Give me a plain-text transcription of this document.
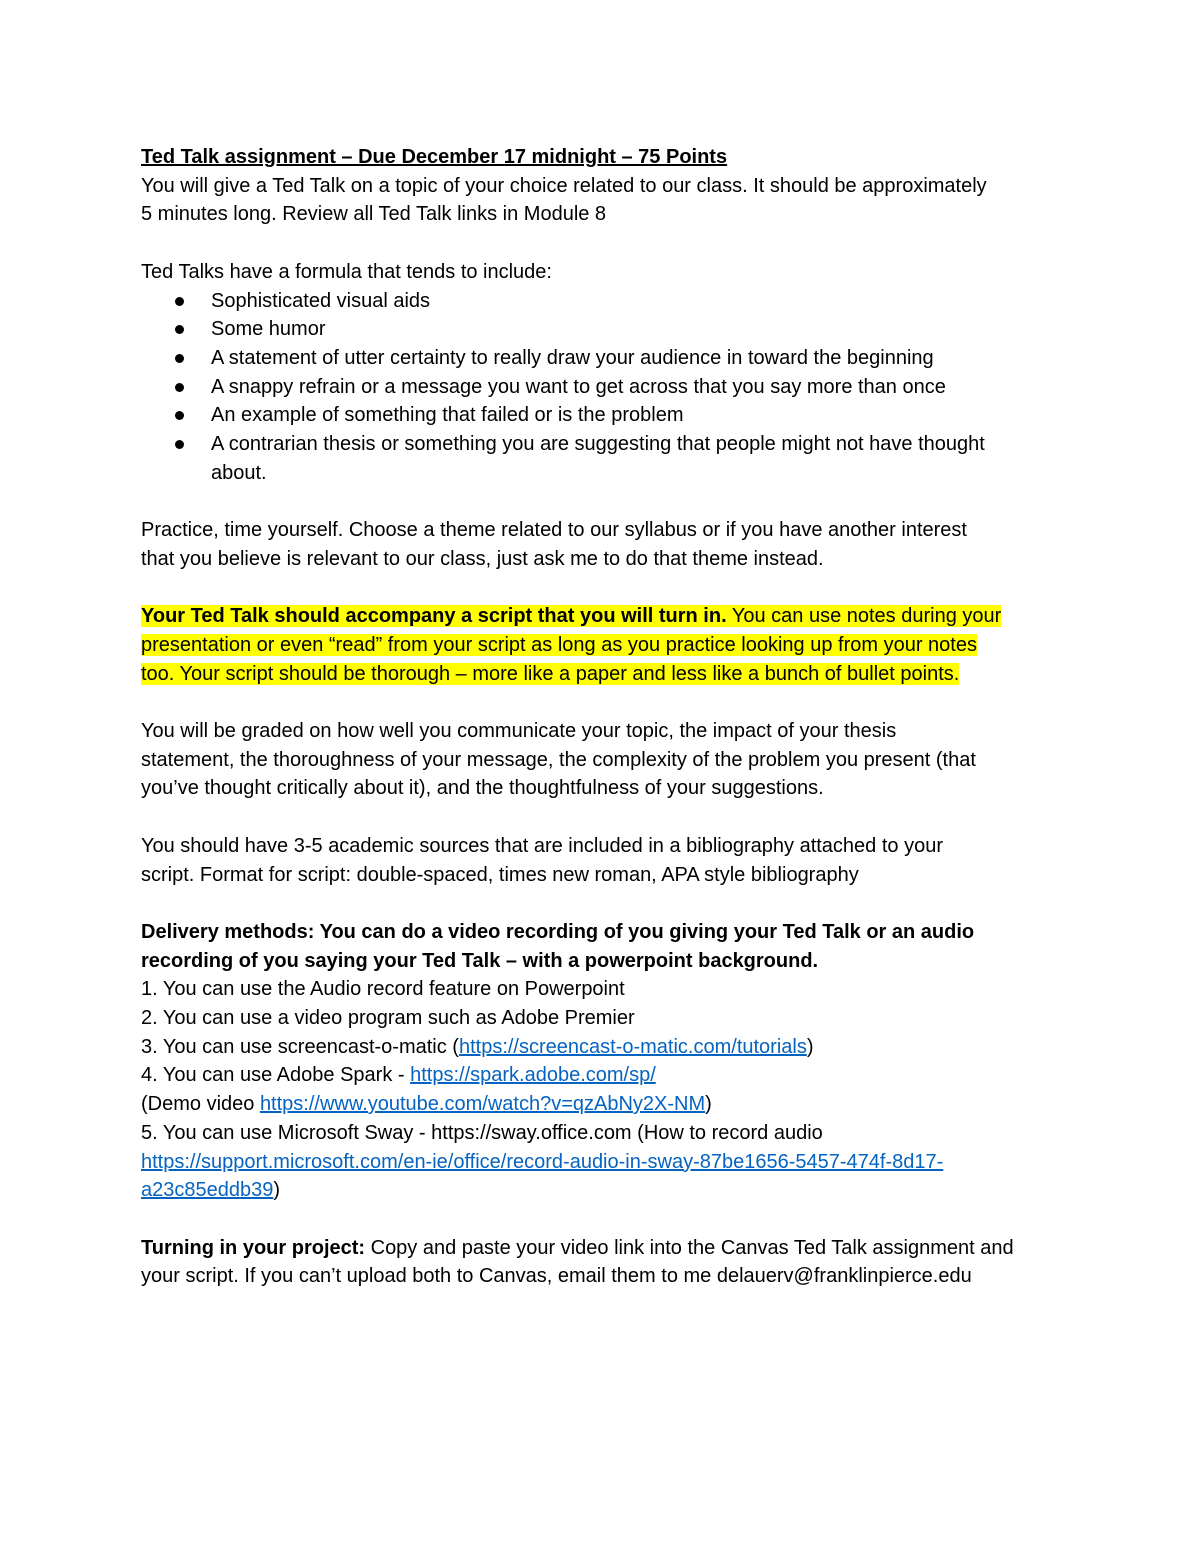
Ted Talk assignment – Due December 17 midnight – 75 Points

You will give a Ted Talk on a topic of your choice related to our class. It should be approximately

5 minutes long. Review all Ted Talk links in Module 8

Ted Talks have a formula that tends to include:

Sophisticated visual aids
Some humor
A statement of utter certainty to really draw your audience in toward the beginning
A snappy refrain or a message you want to get across that you say more than once
An example of something that failed or is the problem
A contrarian thesis or something you are suggesting that people might not have thought
about.

Practice, time yourself. Choose a theme related to our syllabus or if you have another interest

that you believe is relevant to our class, just ask me to do that theme instead.

Your Ted Talk should accompany a script that you will turn in. You can use notes during your

presentation or even “read” from your script as long as you practice looking up from your notes

too. Your script should be thorough – more like a paper and less like a bunch of bullet points.

You will be graded on how well you communicate your topic, the impact of your thesis

statement, the thoroughness of your message, the complexity of the problem you present (that

you’ve thought critically about it), and the thoughtfulness of your suggestions.

You should have 3-5 academic sources that are included in a bibliography attached to your

script. Format for script: double-spaced, times new roman, APA style bibliography

Delivery methods: You can do a video recording of you giving your Ted Talk or an audio

recording of you saying your Ted Talk – with a powerpoint background.

1. You can use the Audio record feature on Powerpoint

2. You can use a video program such as Adobe Premier

3. You can use screencast-o-matic (https://screencast-o-matic.com/tutorials)

4. You can use Adobe Spark - https://spark.adobe.com/sp/

(Demo video https://www.youtube.com/watch?v=qzAbNy2X-NM)

5. You can use Microsoft Sway - https://sway.office.com (How to record audio

https://support.microsoft.com/en-ie/office/record-audio-in-sway-87be1656-5457-474f-8d17-

a23c85eddb39)

Turning in your project: Copy and paste your video link into the Canvas Ted Talk assignment and

your script. If you can’t upload both to Canvas, email them to me delauerv@franklinpierce.edu
